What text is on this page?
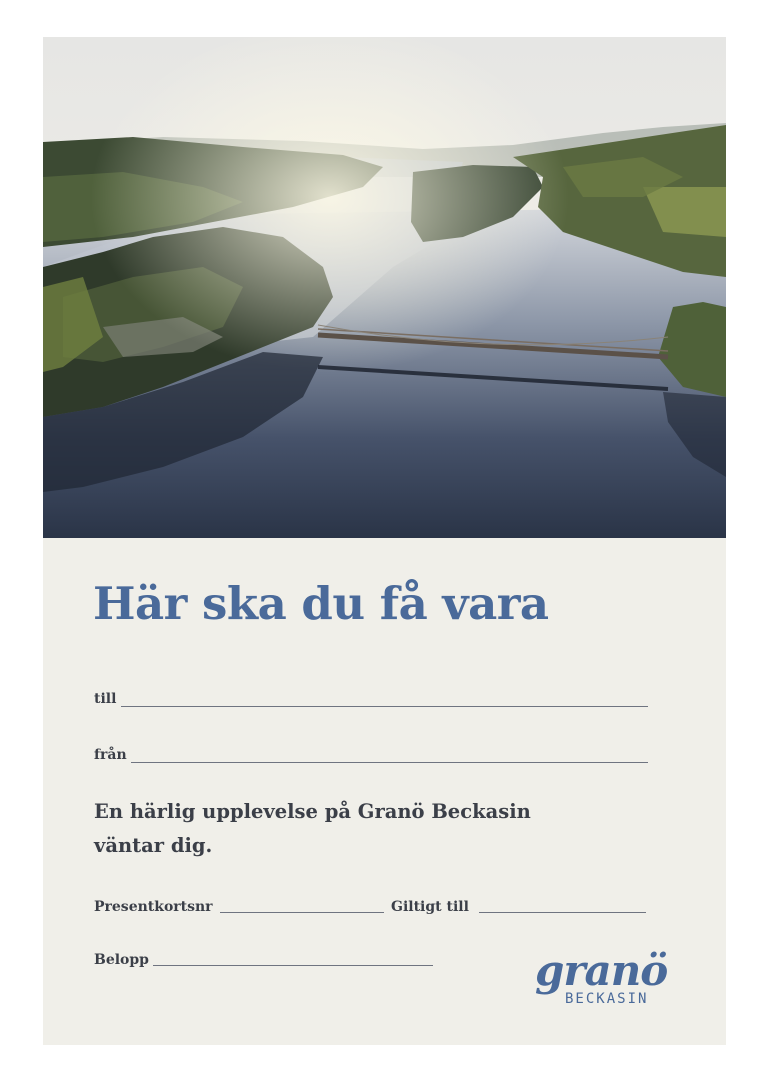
Här ska du få vara
till
från

En härlig upplevelse på Granö Beckasin
väntar dig.

Presentkortsnr	Giltigt till
Belopp	granö
BECKASIN
